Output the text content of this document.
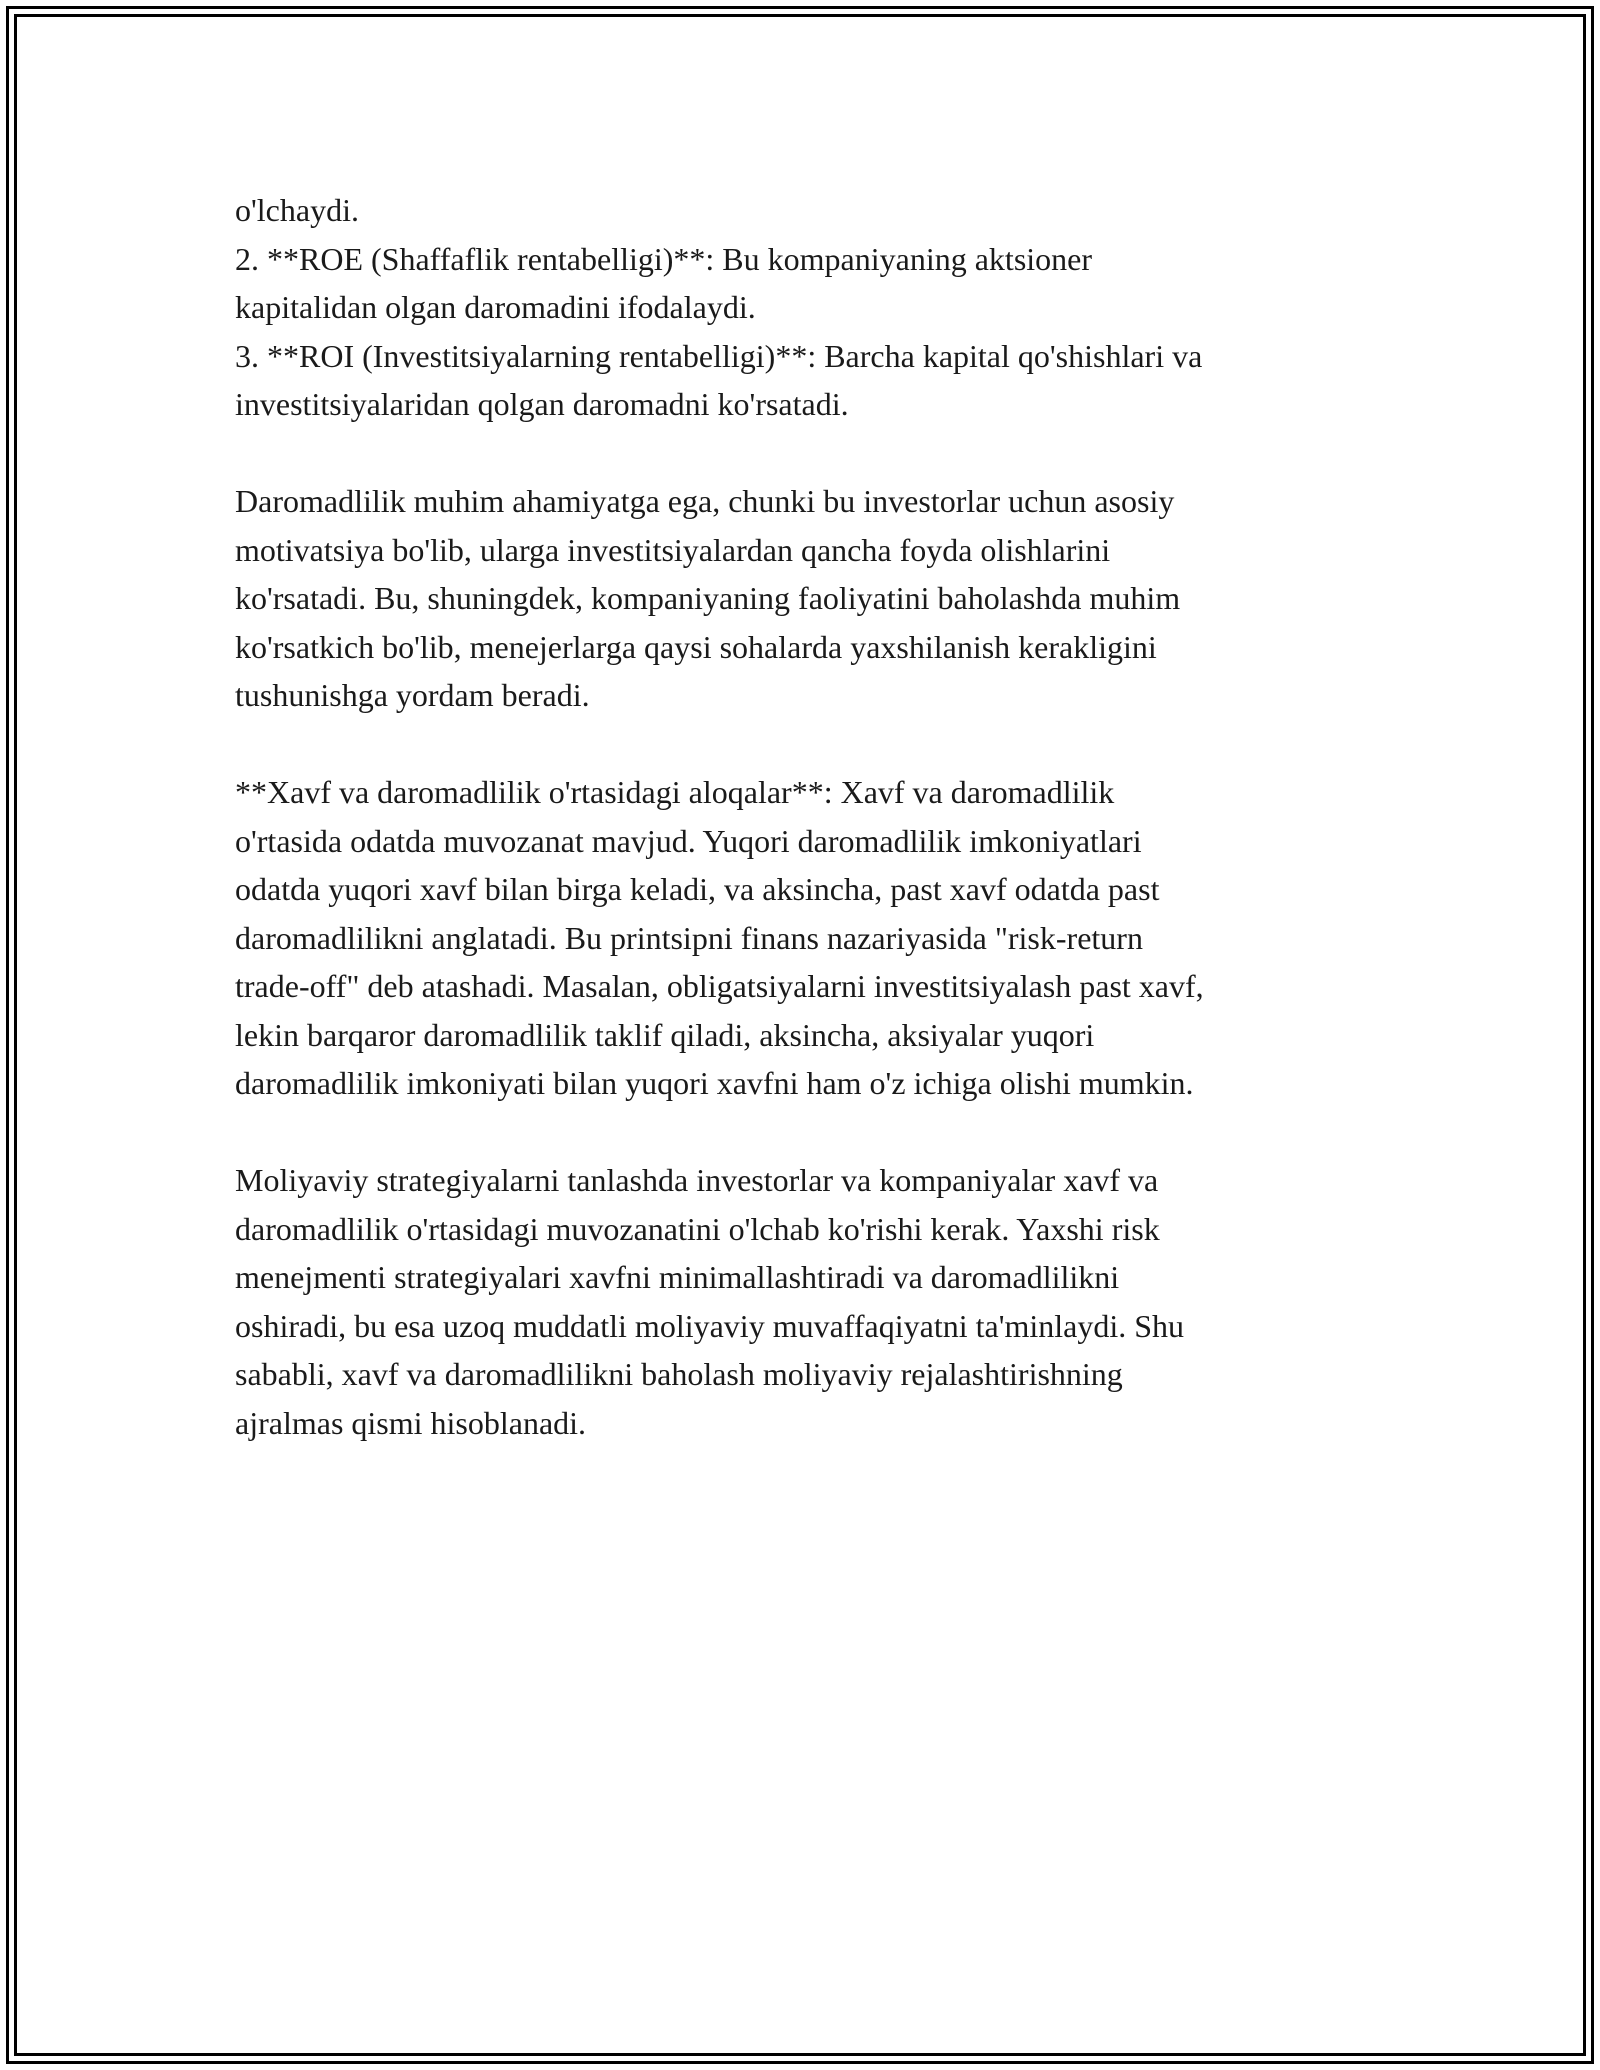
o'lchaydi.
2. **ROE (Shaffaflik rentabelligi)**: Bu kompaniyaning aktsioner
kapitalidan olgan daromadini ifodalaydi.
3. **ROI (Investitsiyalarning rentabelligi)**: Barcha kapital qo'shishlari va
investitsiyalaridan qolgan daromadni ko'rsatadi.

Daromadlilik muhim ahamiyatga ega, chunki bu investorlar uchun asosiy
motivatsiya bo'lib, ularga investitsiyalardan qancha foyda olishlarini
ko'rsatadi. Bu, shuningdek, kompaniyaning faoliyatini baholashda muhim
ko'rsatkich bo'lib, menejerlarga qaysi sohalarda yaxshilanish kerakligini
tushunishga yordam beradi.

**Xavf va daromadlilik o'rtasidagi aloqalar**: Xavf va daromadlilik
o'rtasida odatda muvozanat mavjud. Yuqori daromadlilik imkoniyatlari
odatda yuqori xavf bilan birga keladi, va aksincha, past xavf odatda past
daromadlilikni anglatadi. Bu printsipni finans nazariyasida "risk-return
trade-off" deb atashadi. Masalan, obligatsiyalarni investitsiyalash past xavf,
lekin barqaror daromadlilik taklif qiladi, aksincha, aksiyalar yuqori
daromadlilik imkoniyati bilan yuqori xavfni ham o'z ichiga olishi mumkin.

Moliyaviy strategiyalarni tanlashda investorlar va kompaniyalar xavf va
daromadlilik o'rtasidagi muvozanatini o'lchab ko'rishi kerak. Yaxshi risk
menejmenti strategiyalari xavfni minimallashtiradi va daromadlilikni
oshiradi, bu esa uzoq muddatli moliyaviy muvaffaqiyatni ta'minlaydi. Shu
sababli, xavf va daromadlilikni baholash moliyaviy rejalashtirishning
ajralmas qismi hisoblanadi.
